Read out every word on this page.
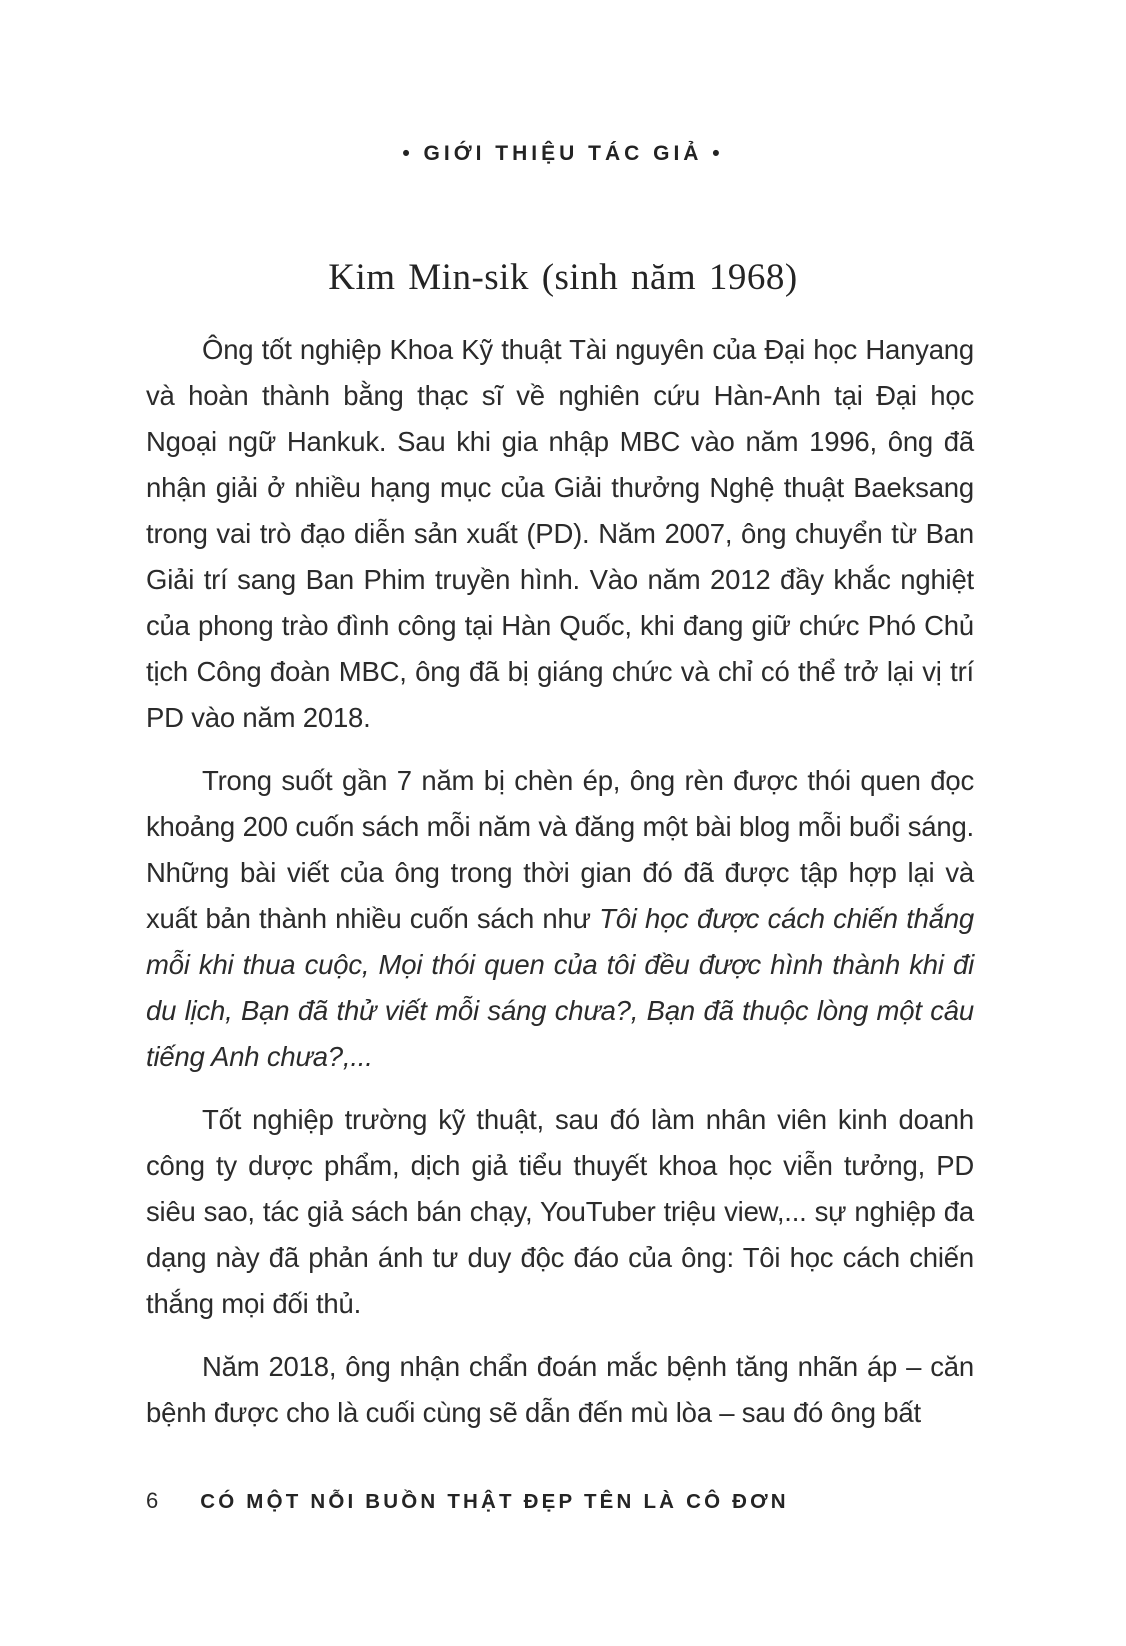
• GIỚI THIỆU TÁC GIẢ •
Kim Min-sik (sinh năm 1968)

Ông tốt nghiệp Khoa Kỹ thuật Tài nguyên của Đại học Hanyang và hoàn thành bằng thạc sĩ về nghiên cứu Hàn-Anh tại Đại học Ngoại ngữ Hankuk. Sau khi gia nhập MBC vào năm 1996, ông đã nhận giải ở nhiều hạng mục của Giải thưởng Nghệ thuật Baeksang trong vai trò đạo diễn sản xuất (PD). Năm 2007, ông chuyển từ Ban Giải trí sang Ban Phim truyền hình. Vào năm 2012 đầy khắc nghiệt của phong trào đình công tại Hàn Quốc, khi đang giữ chức Phó Chủ tịch Công đoàn MBC, ông đã bị giáng chức và chỉ có thể trở lại vị trí PD vào năm 2018.

Trong suốt gần 7 năm bị chèn ép, ông rèn được thói quen đọc khoảng 200 cuốn sách mỗi năm và đăng một bài blog mỗi buổi sáng. Những bài viết của ông trong thời gian đó đã được tập hợp lại và xuất bản thành nhiều cuốn sách như Tôi học được cách chiến thắng mỗi khi thua cuộc, Mọi thói quen của tôi đều được hình thành khi đi du lịch, Bạn đã thử viết mỗi sáng chưa?, Bạn đã thuộc lòng một câu tiếng Anh chưa?,...

Tốt nghiệp trường kỹ thuật, sau đó làm nhân viên kinh doanh công ty dược phẩm, dịch giả tiểu thuyết khoa học viễn tưởng, PD siêu sao, tác giả sách bán chạy, YouTuber triệu view,... sự nghiệp đa dạng này đã phản ánh tư duy độc đáo của ông: Tôi học cách chiến thắng mọi đối thủ.

Năm 2018, ông nhận chẩn đoán mắc bệnh tăng nhãn áp – căn bệnh được cho là cuối cùng sẽ dẫn đến mù lòa – sau đó ông bất

6 CÓ MỘT NỖI BUỒN THẬT ĐẸP TÊN LÀ CÔ ĐƠN
